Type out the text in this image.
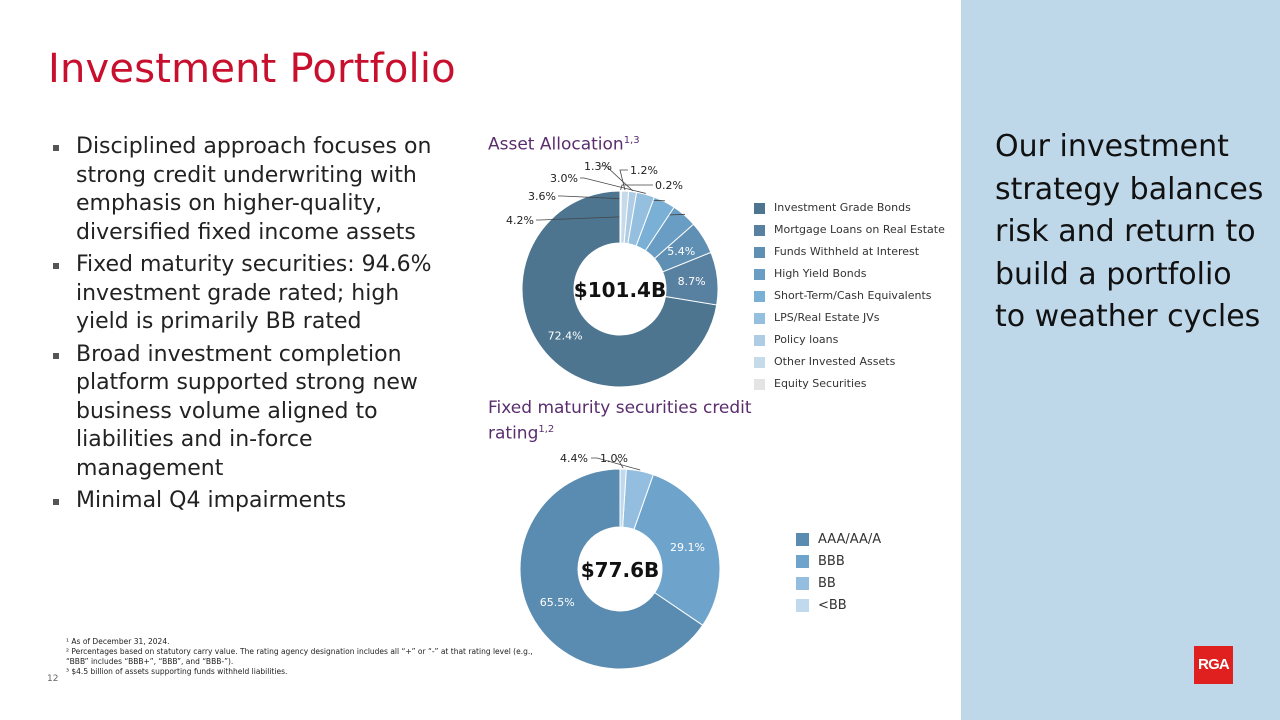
Investment Portfolio
Disciplined approach focuses on strong credit underwriting with emphasis on higher-quality, diversified fixed income assets
Fixed maturity securities: 94.6% investment grade rated; high yield is primarily BB rated
Broad investment completion platform supported strong new business volume aligned to liabilities and in-force management
Minimal Q4 impairments
Asset Allocation$^{1,3}$
72.4%
8.7%
5.4%
4.2%
3.6%
3.0%
1.3% 1.2%
0.2%
$101.4B
Investment Grade Bonds
Mortgage Loans on Real Estate
Funds Withheld at Interest
High Yield Bonds
Short-Term/Cash Equivalents
LPS/Real Estate JVs
Policy loans
Other Invested Assets
Equity Securities
Fixed maturity securities credit rating$^{1,2}$
65.5%
29.1%
4.4% 1.0%
$77.6B
AAA/AA/A
BBB
BB
<BB
¹ As of December 31, 2024.
² Percentages based on statutory carry value. The rating agency designation includes all “+” or “-” at that rating level (e.g., “BBB” includes “BBB+”, “BBB”, and “BBB-”).
³ $4.5 billion of assets supporting funds withheld liabilities.
12

Our investment strategy balances risk and return to build a portfolio to weather cycles

RGA
